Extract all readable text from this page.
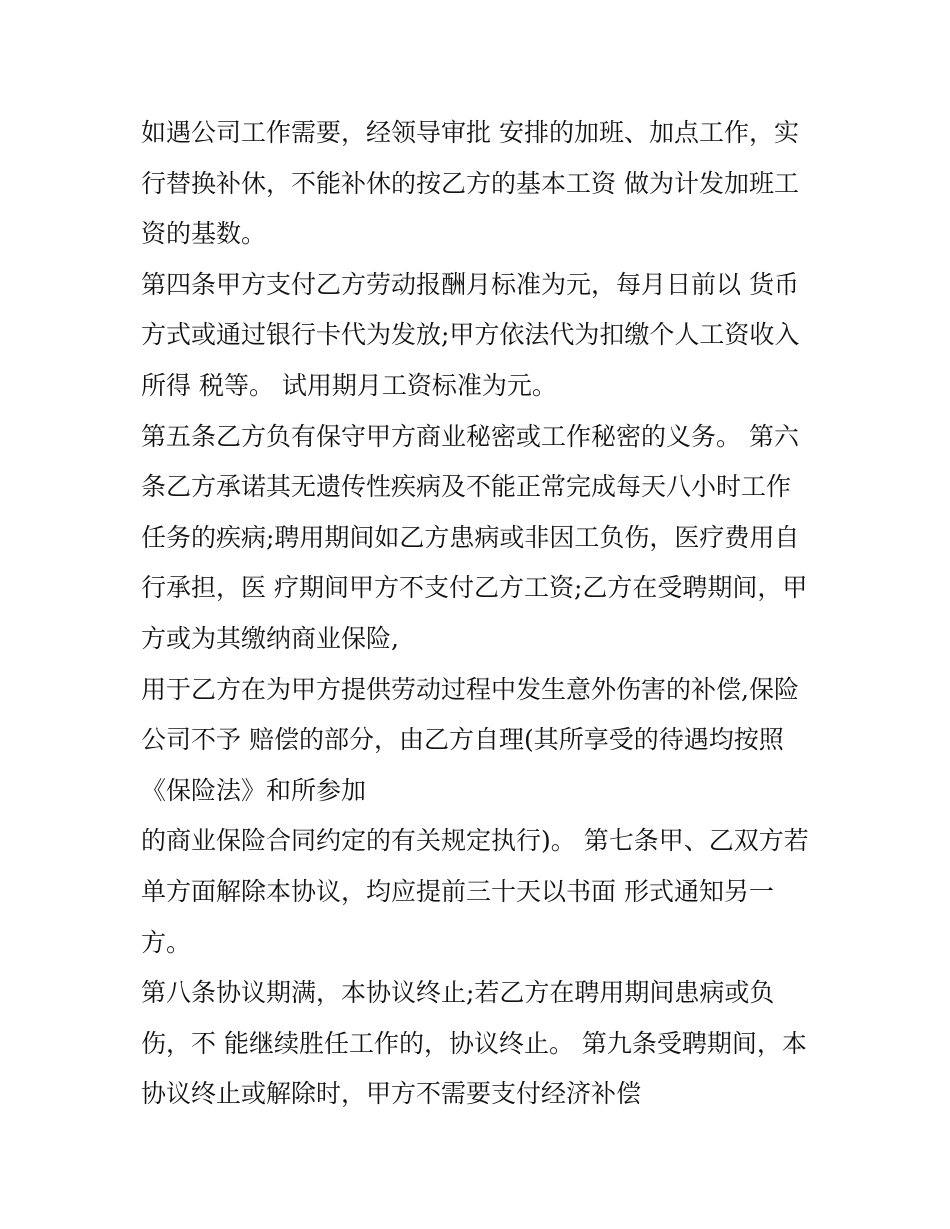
如遇公司工作需要，经领导审批 安排的加班、加点工作，实
行替换补休，不能补休的按乙方的基本工资 做为计发加班工
资的基数。
第四条甲方支付乙方劳动报酬月标准为元，每月日前以 货币
方式或通过银行卡代为发放;甲方依法代为扣缴个人工资收入
所得 税等。 试用期月工资标准为元。
第五条乙方负有保守甲方商业秘密或工作秘密的义务。 第六
条乙方承诺其无遗传性疾病及不能正常完成每天八小时工作
任务的疾病;聘用期间如乙方患病或非因工负伤，医疗费用自
行承担，医 疗期间甲方不支付乙方工资;乙方在受聘期间，甲
方或为其缴纳商业保险,
用于乙方在为甲方提供劳动过程中发生意外伤害的补偿,保险
公司不予 赔偿的部分，由乙方自理(其所享受的待遇均按照
《保险法》和所参加
的商业保险合同约定的有关规定执行)。 第七条甲、乙双方若
单方面解除本协议，均应提前三十天以书面 形式通知另一
方。
第八条协议期满，本协议终止;若乙方在聘用期间患病或负
伤，不 能继续胜任工作的，协议终止。 第九条受聘期间，本
协议终止或解除时，甲方不需要支付经济补偿
